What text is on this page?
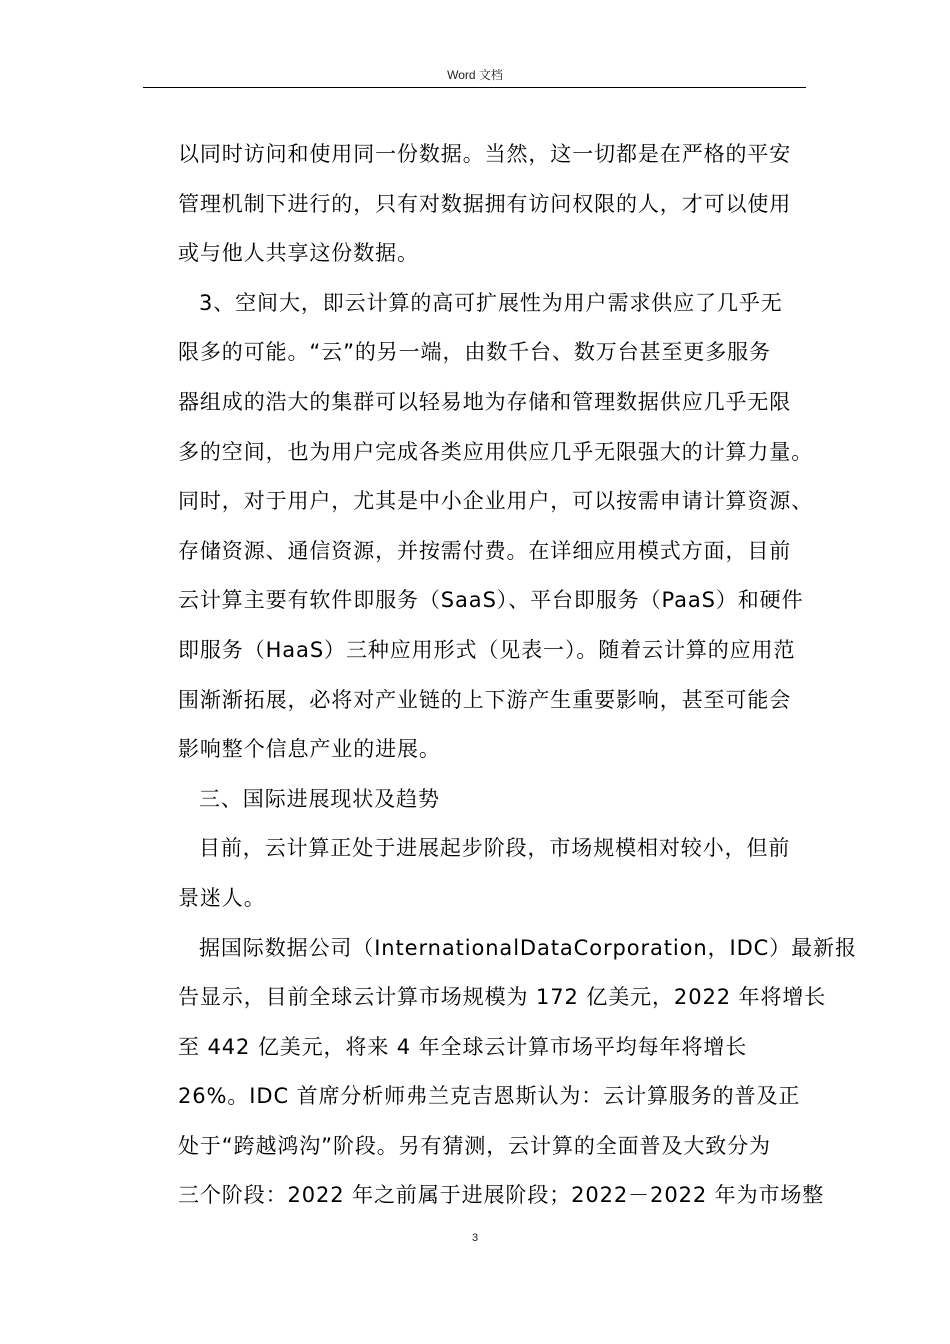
Word 文档
以同时访问和使用同一份数据。当然，这一切都是在严格的平安
管理机制下进行的，只有对数据拥有访问权限的人，才可以使用
或与他人共享这份数据。
3、空间大，即云计算的高可扩展性为用户需求供应了几乎无
限多的可能。“云”的另一端，由数千台、数万台甚至更多服务
器组成的浩大的集群可以轻易地为存储和管理数据供应几乎无限
多的空间，也为用户完成各类应用供应几乎无限强大的计算力量。
同时，对于用户，尤其是中小企业用户，可以按需申请计算资源、
存储资源、通信资源，并按需付费。在详细应用模式方面，目前
云计算主要有软件即服务（SaaS）、平台即服务（PaaS）和硬件
即服务（HaaS）三种应用形式（见表一）。随着云计算的应用范
围渐渐拓展，必将对产业链的上下游产生重要影响，甚至可能会
影响整个信息产业的进展。
三、国际进展现状及趋势
目前，云计算正处于进展起步阶段，市场规模相对较小，但前
景迷人。
据国际数据公司（InternationalDataCorporation，IDC）最新报
告显示，目前全球云计算市场规模为 172 亿美元，2022 年将增长
至 442 亿美元，将来 4 年全球云计算市场平均每年将增长
26%。IDC 首席分析师弗兰克吉恩斯认为：云计算服务的普及正
处于“跨越鸿沟”阶段。另有猜测，云计算的全面普及大致分为
三个阶段：2022 年之前属于进展阶段；2022－2022 年为市场整
3
